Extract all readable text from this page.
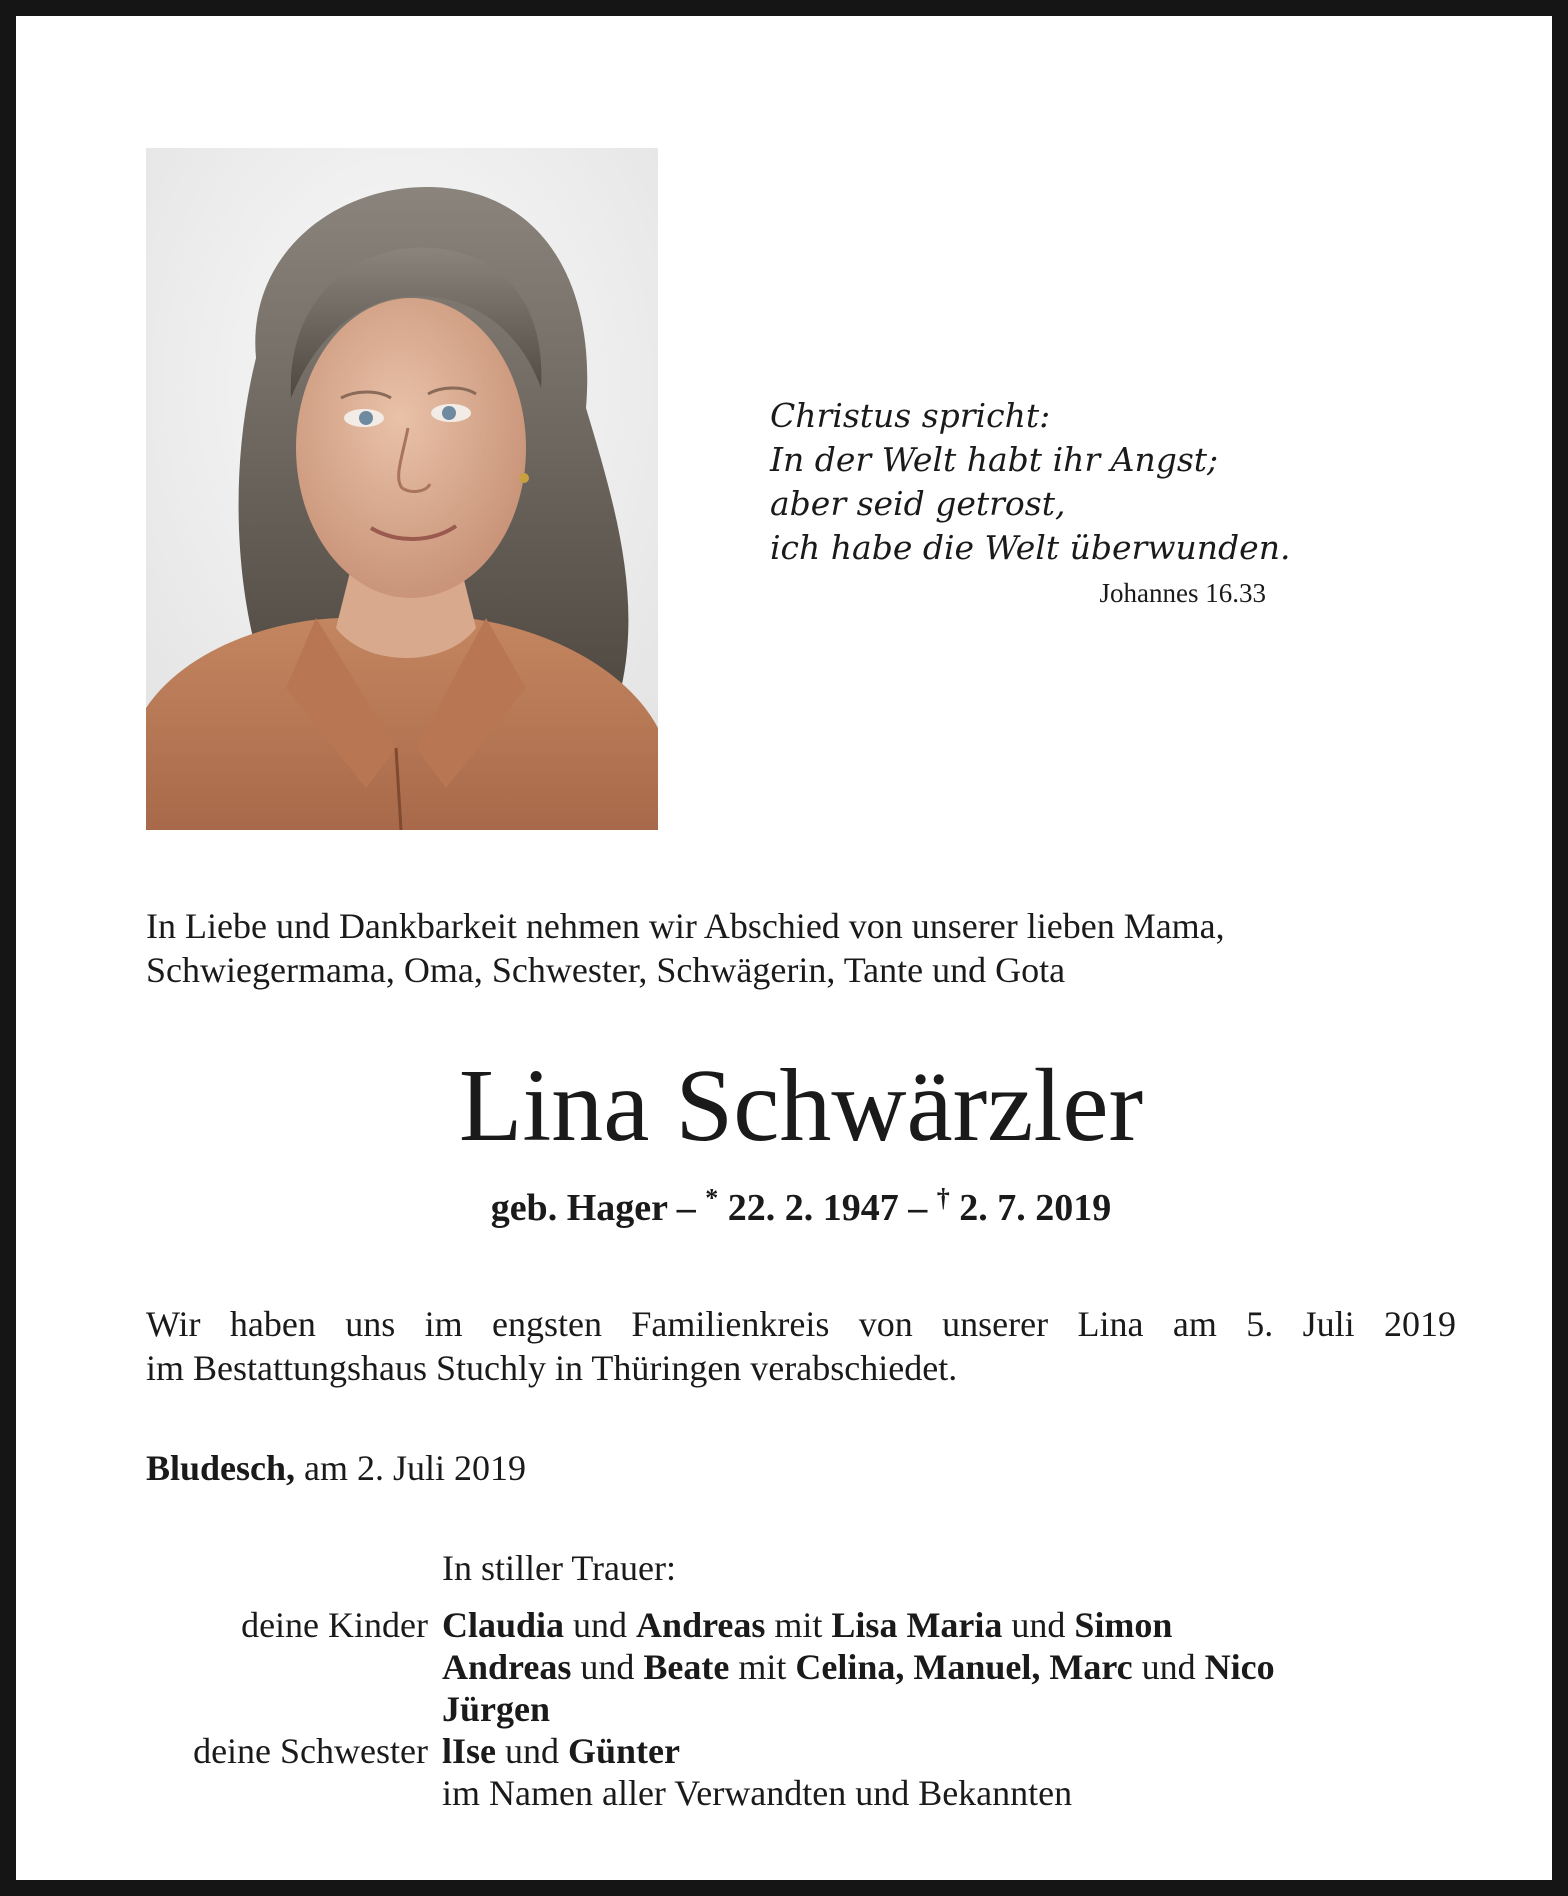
Christus spricht:
In der Welt habt ihr Angst;
aber seid getrost,
ich habe die Welt überwunden.
Johannes 16.33
In Liebe und Dankbarkeit nehmen wir Abschied von unserer lieben Mama,
Schwiegermama, Oma, Schwester, Schwägerin, Tante und Gota
Lina Schwärzler
geb. Hager – * 22. 2. 1947 – † 2. 7. 2019
Wir haben uns im engsten Familienkreis von unserer Lina am 5. Juli 2019
im Bestattungshaus Stuchly in Thüringen verabschiedet.
Bludesch, am 2. Juli 2019
In stiller Trauer:
deine Kinder Claudia und Andreas mit Lisa Maria und Simon
Andreas und Beate mit Celina, Manuel, Marc und Nico
Jürgen
deine Schwester lIse und Günter
im Namen aller Verwandten und Bekannten
